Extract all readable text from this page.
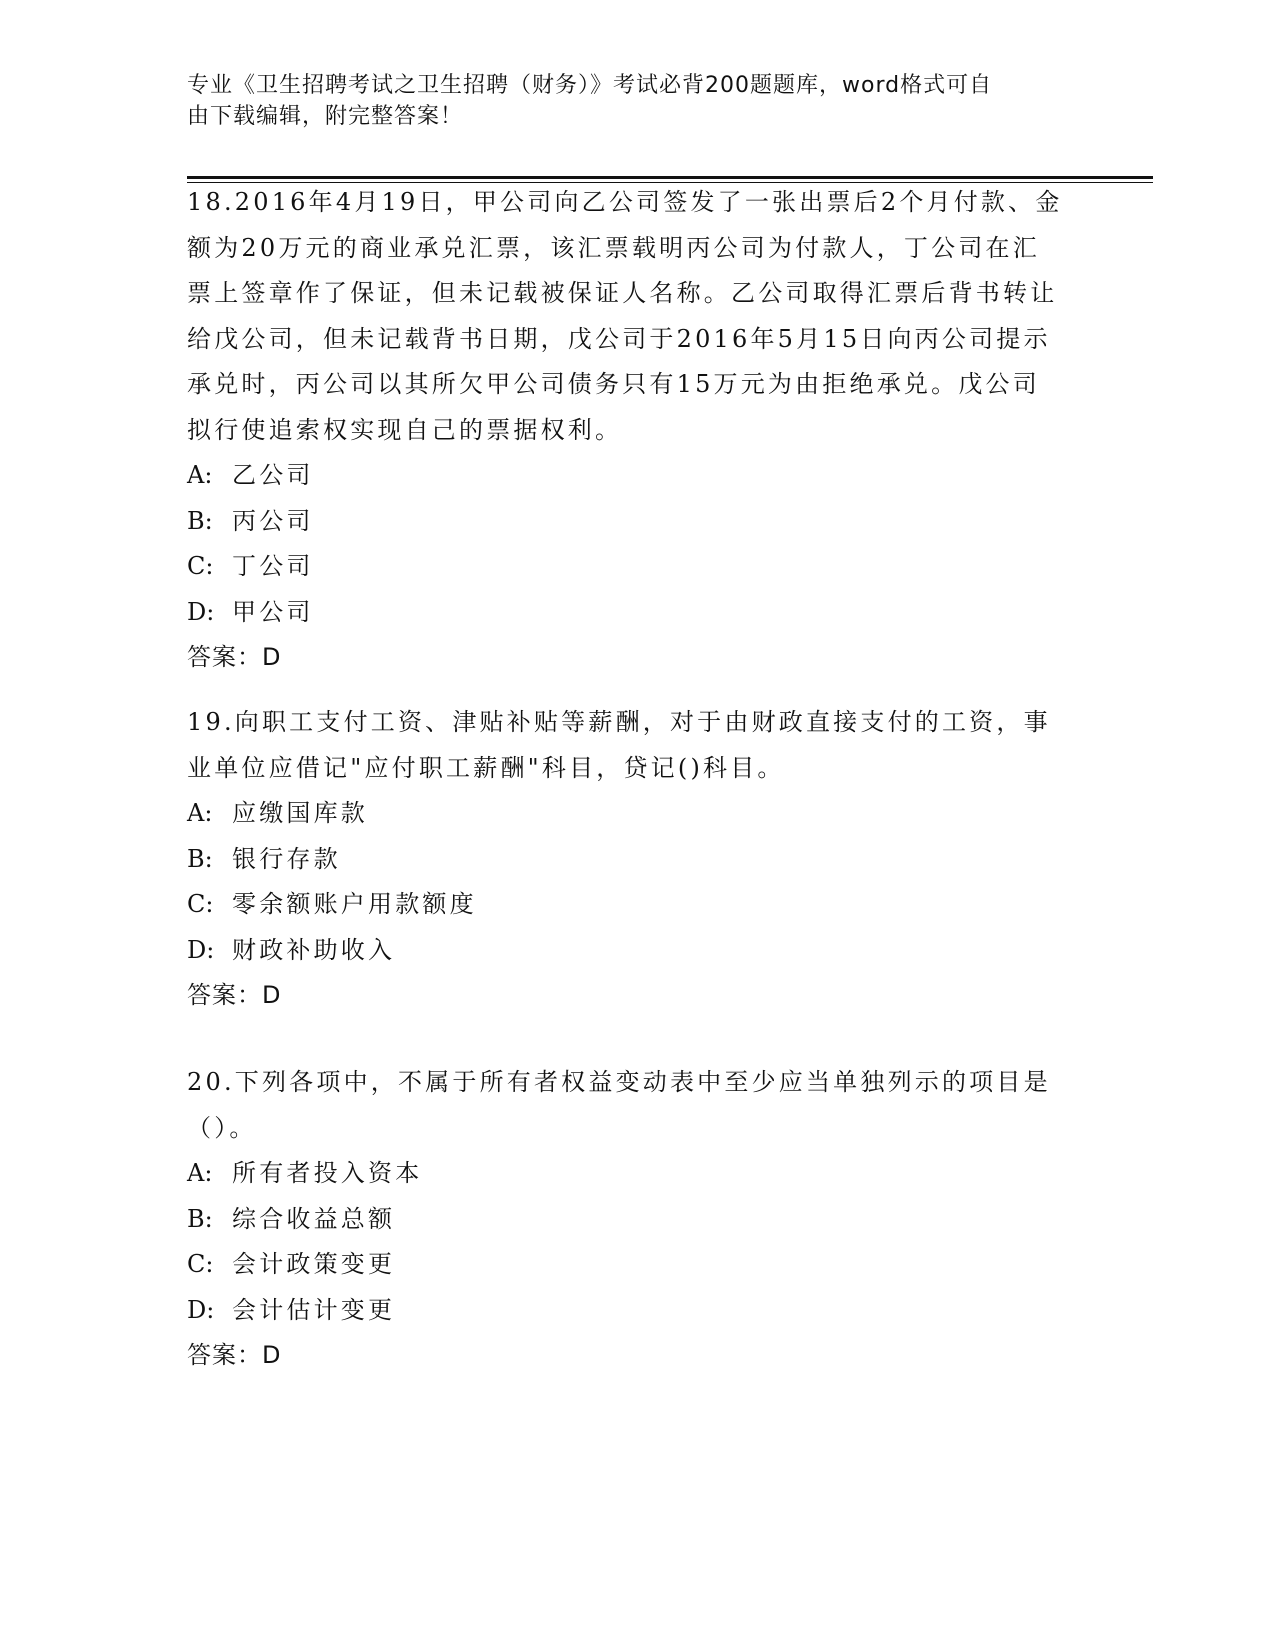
专业《卫生招聘考试之卫生招聘（财务）》考试必背200题题库，word格式可自
由下载编辑，附完整答案！

18.2016年4月19日，甲公司向乙公司签发了一张出票后2个月付款、金额为20万元的商业承兑汇票，该汇票载明丙公司为付款人，丁公司在汇票上签章作了保证，但未记载被保证人名称。乙公司取得汇票后背书转让给戊公司，但未记载背书日期，戊公司于2016年5月15日向丙公司提示承兑时，丙公司以其所欠甲公司债务只有15万元为由拒绝承兑。戊公司拟行使追索权实现自己的票据权利。

A: 乙公司

B: 丙公司

C: 丁公司

D: 甲公司

答案：D

19.向职工支付工资、津贴补贴等薪酬，对于由财政直接支付的工资，事业单位应借记"应付职工薪酬"科目，贷记()科目。

A: 应缴国库款

B: 银行存款

C: 零余额账户用款额度

D: 财政补助收入

答案：D

20.下列各项中，不属于所有者权益变动表中至少应当单独列示的项目是（）。

A: 所有者投入资本

B: 综合收益总额

C: 会计政策变更

D: 会计估计变更

答案：D
